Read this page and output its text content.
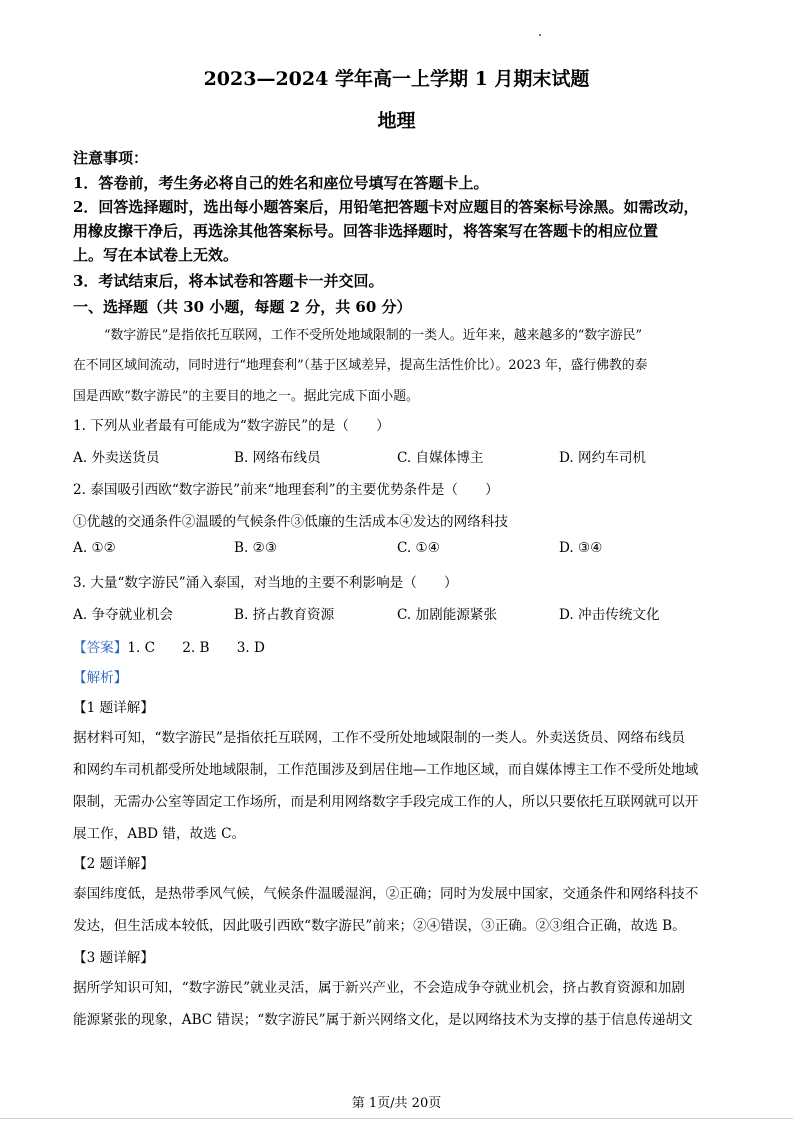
2023—2024 学年高一上学期 1 月期末试题
地理
注意事项：
1．答卷前，考生务必将自己的姓名和座位号填写在答题卡上。
2．回答选择题时，选出每小题答案后，用铅笔把答题卡对应题目的答案标号涂黑。如需改动，
用橡皮擦干净后，再选涂其他答案标号。回答非选择题时，将答案写在答题卡的相应位置
上。写在本试卷上无效。
3．考试结束后，将本试卷和答题卡一并交回。
一、选择题（共 30 小题，每题 2 分，共 60 分）
“数字游民”是指依托互联网，工作不受所处地域限制的一类人。近年来，越来越多的“数字游民”
在不同区域间流动，同时进行“地理套利”（基于区域差异，提高生活性价比）。2023 年，盛行佛教的泰
国是西欧“数字游民”的主要目的地之一。据此完成下面小题。
1. 下列从业者最有可能成为“数字游民”的是（　　）
A. 外卖送货员	B. 网络布线员	C. 自媒体博主	D. 网约车司机
2. 泰国吸引西欧“数字游民”前来“地理套利”的主要优势条件是（　　）
①优越的交通条件②温暖的气候条件③低廉的生活成本④发达的网络科技
A. ①②	B. ②③	C. ①④	D. ③④
3. 大量“数字游民”涌入泰国，对当地的主要不利影响是（　　）
A. 争夺就业机会	B. 挤占教育资源	C. 加剧能源紧张	D. 冲击传统文化
【答案】1. C　　2. B　　3. D
【解析】
【1 题详解】
据材料可知，“数字游民”是指依托互联网，工作不受所处地域限制的一类人。外卖送货员、网络布线员
和网约车司机都受所处地域限制，工作范围涉及到居住地—工作地区域，而自媒体博主工作不受所处地域
限制，无需办公室等固定工作场所，而是利用网络数字手段完成工作的人，所以只要依托互联网就可以开
展工作，ABD 错，故选 C。
【2 题详解】
泰国纬度低，是热带季风气候，气候条件温暖湿润，②正确；同时为发展中国家，交通条件和网络科技不
发达，但生活成本较低，因此吸引西欧“数字游民”前来；②④错误，③正确。②③组合正确，故选 B。
【3 题详解】
据所学知识可知，“数字游民”就业灵活，属于新兴产业，不会造成争夺就业机会，挤占教育资源和加剧
能源紧张的现象，ABC 错误；“数字游民”属于新兴网络文化，是以网络技术为支撑的基于信息传递胡文
第 1页/共 20页
